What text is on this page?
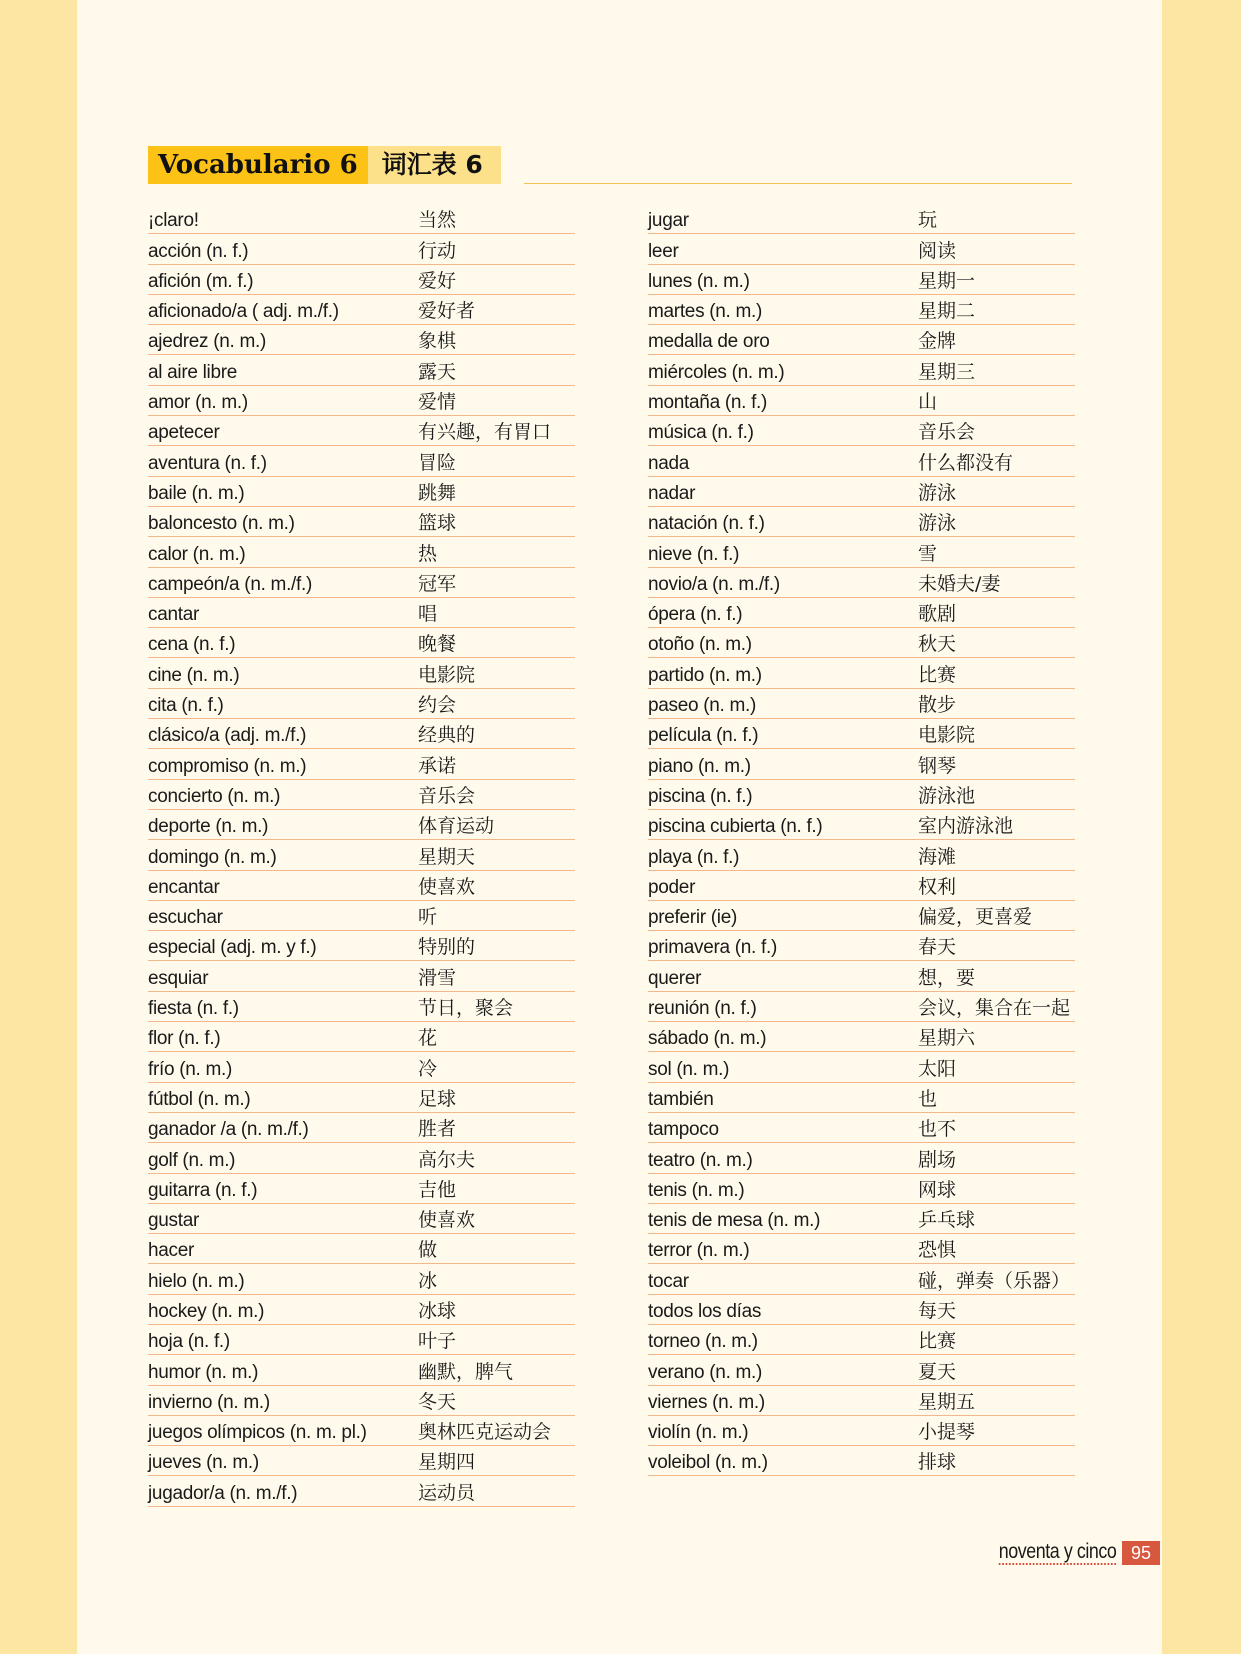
Vocabulario 6 词汇表 6
¡claro!	当然
acción (n. f.)	行动
afición (m. f.)	爱好
aficionado/a ( adj. m./f.)	爱好者
ajedrez (n. m.)	象棋
al aire libre	露天
amor (n. m.)	爱情
apetecer	有兴趣，有胃口
aventura (n. f.)	冒险
baile (n. m.)	跳舞
baloncesto (n. m.)	篮球
calor (n. m.)	热
campeón/a (n. m./f.)	冠军
cantar	唱
cena (n. f.)	晚餐
cine (n. m.)	电影院
cita (n. f.)	约会
clásico/a (adj. m./f.)	经典的
compromiso (n. m.)	承诺
concierto (n. m.)	音乐会
deporte (n. m.)	体育运动
domingo (n. m.)	星期天
encantar	使喜欢
escuchar	听
especial (adj. m. y f.)	特别的
esquiar	滑雪
fiesta (n. f.)	节日，聚会
flor (n. f.)	花
frío (n. m.)	冷
fútbol (n. m.)	足球
ganador /a (n. m./f.)	胜者
golf (n. m.)	高尔夫
guitarra (n. f.)	吉他
gustar	使喜欢
hacer	做
hielo (n. m.)	冰
hockey (n. m.)	冰球
hoja (n. f.)	叶子
humor (n. m.)	幽默，脾气
invierno (n. m.)	冬天
juegos olímpicos (n. m. pl.)	奥林匹克运动会
jueves (n. m.)	星期四
jugador/a (n. m./f.)	运动员
jugar	玩
leer	阅读
lunes (n. m.)	星期一
martes (n. m.)	星期二
medalla de oro	金牌
miércoles (n. m.)	星期三
montaña (n. f.)	山
música (n. f.)	音乐会
nada	什么都没有
nadar	游泳
natación (n. f.)	游泳
nieve (n. f.)	雪
novio/a (n. m./f.)	未婚夫/妻
ópera (n. f.)	歌剧
otoño (n. m.)	秋天
partido (n. m.)	比赛
paseo (n. m.)	散步
película (n. f.)	电影院
piano (n. m.)	钢琴
piscina (n. f.)	游泳池
piscina cubierta (n. f.)	室内游泳池
playa (n. f.)	海滩
poder	权利
preferir (ie)	偏爱，更喜爱
primavera (n. f.)	春天
querer	想，要
reunión (n. f.)	会议，集合在一起
sábado (n. m.)	星期六
sol (n. m.)	太阳
también	也
tampoco	也不
teatro (n. m.)	剧场
tenis (n. m.)	网球
tenis de mesa (n. m.)	乒乓球
terror (n. m.)	恐惧
tocar	碰，弹奏（乐器）
todos los días	每天
torneo (n. m.)	比赛
verano (n. m.)	夏天
viernes (n. m.)	星期五
violín (n. m.)	小提琴
voleibol (n. m.)	排球
noventa y cinco 95
